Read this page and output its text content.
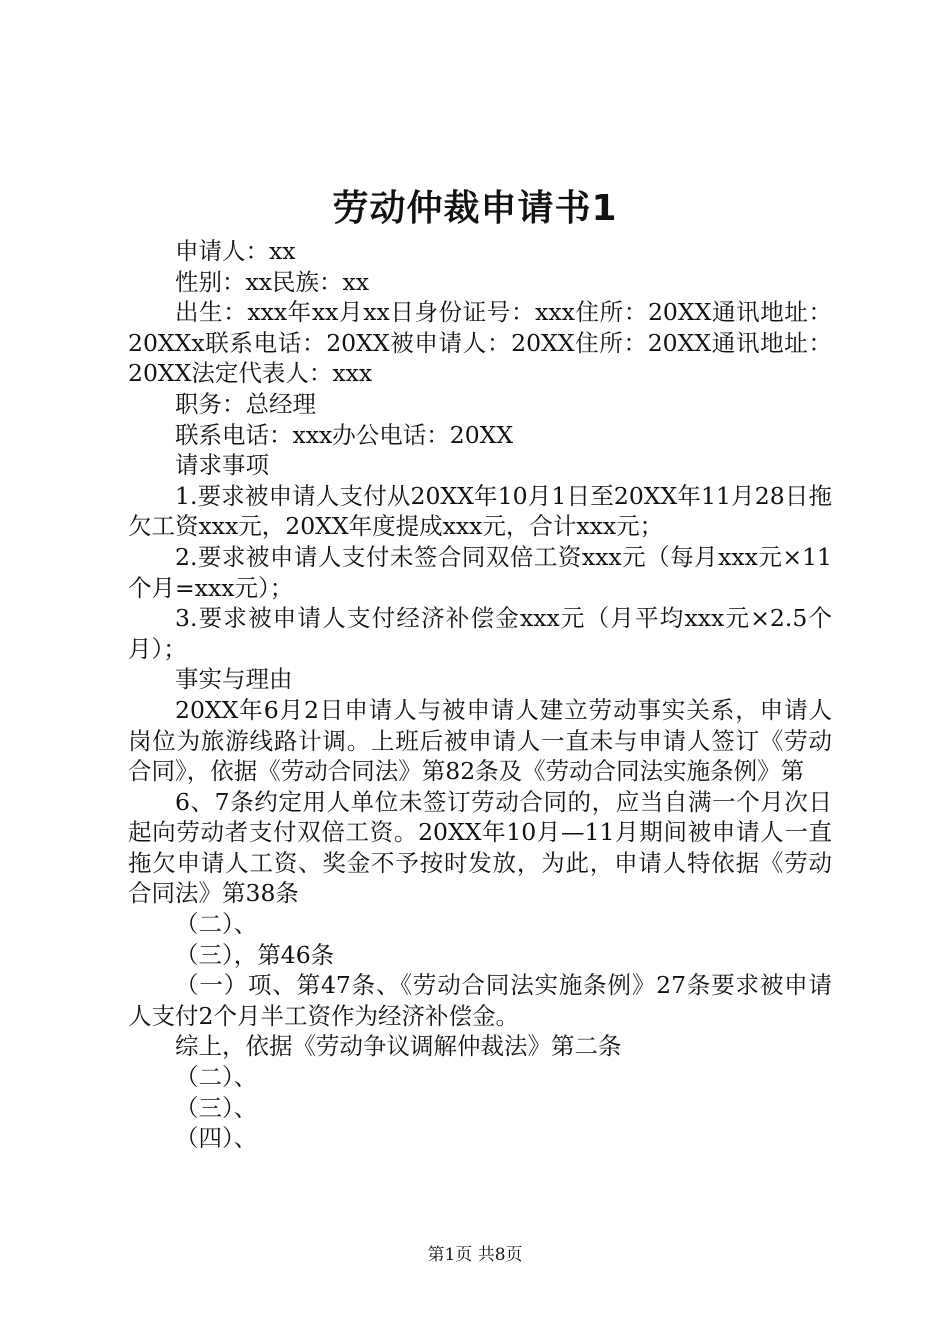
劳动仲裁申请书1

申请人：xx

性别：xx民族：xx

出生：xxx年xx月xx日身份证号：xxx住所：20XX通讯地址：20XXx联系电话：20XX被申请人：20XX住所：20XX通讯地址：20XX法定代表人：xxx

职务：总经理

联系电话：xxx办公电话：20XX

请求事项

1.要求被申请人支付从20XX年10月1日至20XX年11月28日拖欠工资xxx元，20XX年度提成xxx元，合计xxx元；

2.要求被申请人支付未签合同双倍工资xxx元（每月xxx元×11个月=xxx元）；

3.要求被申请人支付经济补偿金xxx元（月平均xxx元×2.5个月）；

事实与理由

20XX年6月2日申请人与被申请人建立劳动事实关系，申请人岗位为旅游线路计调。上班后被申请人一直未与申请人签订《劳动合同》，依据《劳动合同法》第82条及《劳动合同法实施条例》第

6、7条约定用人单位未签订劳动合同的，应当自满一个月次日起向劳动者支付双倍工资。20XX年10月—11月期间被申请人一直拖欠申请人工资、奖金不予按时发放，为此，申请人特依据《劳动合同法》第38条

（二）、

（三），第46条

（一）项、第47条、《劳动合同法实施条例》27条要求被申请人支付2个月半工资作为经济补偿金。

综上，依据《劳动争议调解仲裁法》第二条

（二）、

（三）、

（四）、

第1页 共8页
